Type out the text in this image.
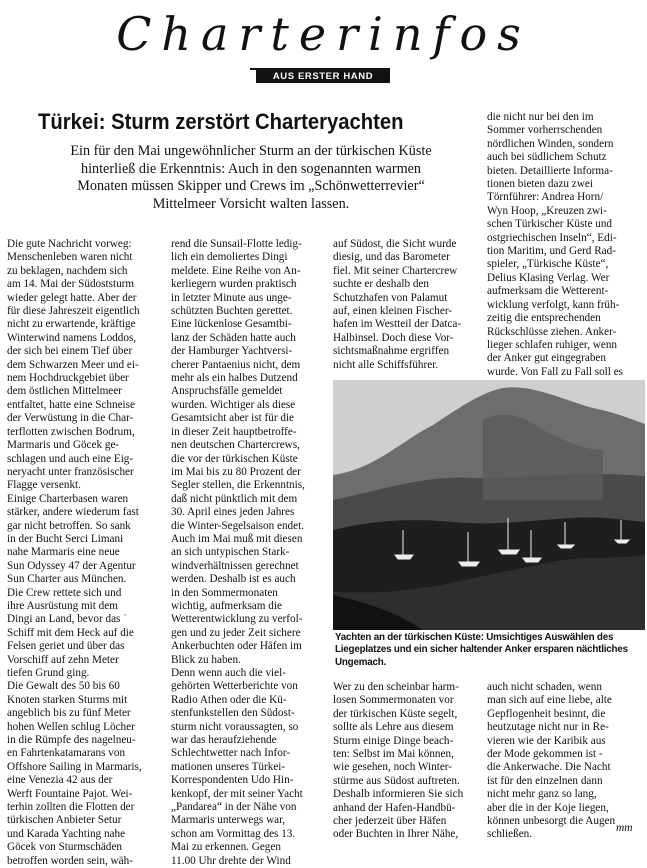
Charterinfos
AUS ERSTER HAND
Türkei: Sturm zerstört Charteryachten

Ein für den Mai ungewöhnlicher Sturm an der türkischen Küste hinterließ die Erkenntnis: Auch in den sogenannten warmen Monaten müssen Skipper und Crews im „Schönwetterrevier“ Mittelmeer Vorsicht walten lassen.

Die gute Nachricht vorweg:
Menschenleben waren nicht
zu beklagen, nachdem sich
am 14. Mai der Südoststurm
wieder gelegt hatte. Aber der
für diese Jahreszeit eigentlich
nicht zu erwartende, kräftige
Winterwind namens Loddos,
der sich bei einem Tief über
dem Schwarzen Meer und ei-
nem Hochdruckgebiet über
dem östlichen Mittelmeer
entfaltet, hatte eine Schneise
der Verwüstung in die Char-
terflotten zwischen Bodrum,
Marmaris und Göcek ge-
schlagen und auch eine Eig-
neryacht unter französischer
Flagge versenkt.
Einige Charterbasen waren
stärker, andere wiederum fast
gar nicht betroffen. So sank
in der Bucht Serci Limani
nahe Marmaris eine neue
Sun Odyssey 47 der Agentur
Sun Charter aus München.
Die Crew rettete sich und
ihre Ausrüstung mit dem
Dingi an Land, bevor das ˙
Schiff mit dem Heck auf die
Felsen geriet und über das
Vorschiff auf zehn Meter
tiefen Grund ging.
Die Gewalt des 50 bis 60
Knoten starken Sturms mit
angeblich bis zu fünf Meter
hohen Wellen schlug Löcher
in die Rümpfe des nagelneu-
en Fahrtenkatamarans von
Offshore Sailing in Marmaris,
eine Venezia 42 aus der
Werft Fountaine Pajot. Wei-
terhin zollten die Flotten der
türkischen Anbieter Setur
und Karada Yachting nahe
Göcek von Sturmschäden
betroffen worden sein, wäh-

rend die Sunsail-Flotte ledig-
lich ein demoliertes Dingi
meldete. Eine Reihe von An-
kerliegern wurden praktisch
in letzter Minute aus unge-
schützten Buchten gerettet.
Eine lückenlose Gesamtbi-
lanz der Schäden hatte auch
der Hamburger Yachtversi-
cherer Pantaenius nicht, dem
mehr als ein halbes Dutzend
Anspruchsfälle gemeldet
wurden. Wichtiger als diese
Gesamtsicht aber ist für die
in dieser Zeit hauptbetroffe-
nen deutschen Chartercrews,
die vor der türkischen Küste
im Mai bis zu 80 Prozent der
Segler stellen, die Erkenntnis,
daß nicht pünktlich mit dem
30. April eines jeden Jahres
die Winter-Segelsaison endet.
Auch im Mai muß mit diesen
an sich untypischen Stark-
windverhältnissen gerechnet
werden. Deshalb ist es auch
in den Sommermonaten
wichtig, aufmerksam die
Wetterentwicklung zu verfol-
gen und zu jeder Zeit sichere
Ankerbuchten oder Häfen im
Blick zu haben.
Denn wenn auch die viel-
gehörten Wetterberichte von
Radio Athen oder die Kü-
stenfunkstellen den Südost-
sturm nicht voraussagten, so
war das heraufziehende
Schlechtwetter nach Infor-
mationen unseres Türkei-
Korrespondenten Udo Hin-
kenkopf, der mit seiner Yacht
„Pandarea“ in der Nähe von
Marmaris unterwegs war,
schon am Vormittag des 13.
Mai zu erkennen. Gegen
11.00 Uhr drehte der Wind

auf Südost, die Sicht wurde
diesig, und das Barometer
fiel. Mit seiner Chartercrew
suchte er deshalb den
Schutzhafen von Palamut
auf, einen kleinen Fischer-
hafen im Westteil der Datca-
Halbinsel. Doch diese Vor-
sichtsmaßnahme ergriffen
nicht alle Schiffsführer.

die nicht nur bei den im
Sommer vorherrschenden
nördlichen Winden, sondern
auch bei südlichem Schutz
bieten. Detaillierte Informa-
tionen bieten dazu zwei
Törnführer: Andrea Horn/
Wyn Hoop, „Kreuzen zwi-
schen Türkischer Küste und
ostgriechischen Inseln“, Edi-
tion Maritim, und Gerd Rad-
spieler, „Türkische Küste“,
Delius Klasing Verlag. Wer
aufmerksam die Wetterent-
wicklung verfolgt, kann früh-
zeitig die entsprechenden
Rückschlüsse ziehen. Anker-
lieger schlafen ruhiger, wenn
der Anker gut eingegraben
wurde. Von Fall zu Fall soll es

Yachten an der türkischen Küste: Umsichtiges Auswählen des Liegeplatzes und ein sicher haltender Anker ersparen nächtliches Ungemach.

Wer zu den scheinbar harm-
losen Sommermonaten vor
der türkischen Küste segelt,
sollte als Lehre aus diesem
Sturm einige Dinge beach-
ten: Selbst im Mai können,
wie gesehen, noch Winter-
stürme aus Südost auftreten.
Deshalb informieren Sie sich
anhand der Hafen-Handbü-
cher jederzeit über Häfen
oder Buchten in Ihrer Nähe,

auch nicht schaden, wenn
man sich auf eine liebe, alte
Gepflogenheit besinnt, die
heutzutage nicht nur in Re-
vieren wie der Karibik aus
der Mode gekommen ist -
die Ankerwache. Die Nacht
ist für den einzelnen dann
nicht mehr ganz so lang,
aber die in der Koje liegen,
können unbesorgt die Augen
schließen.

mm
